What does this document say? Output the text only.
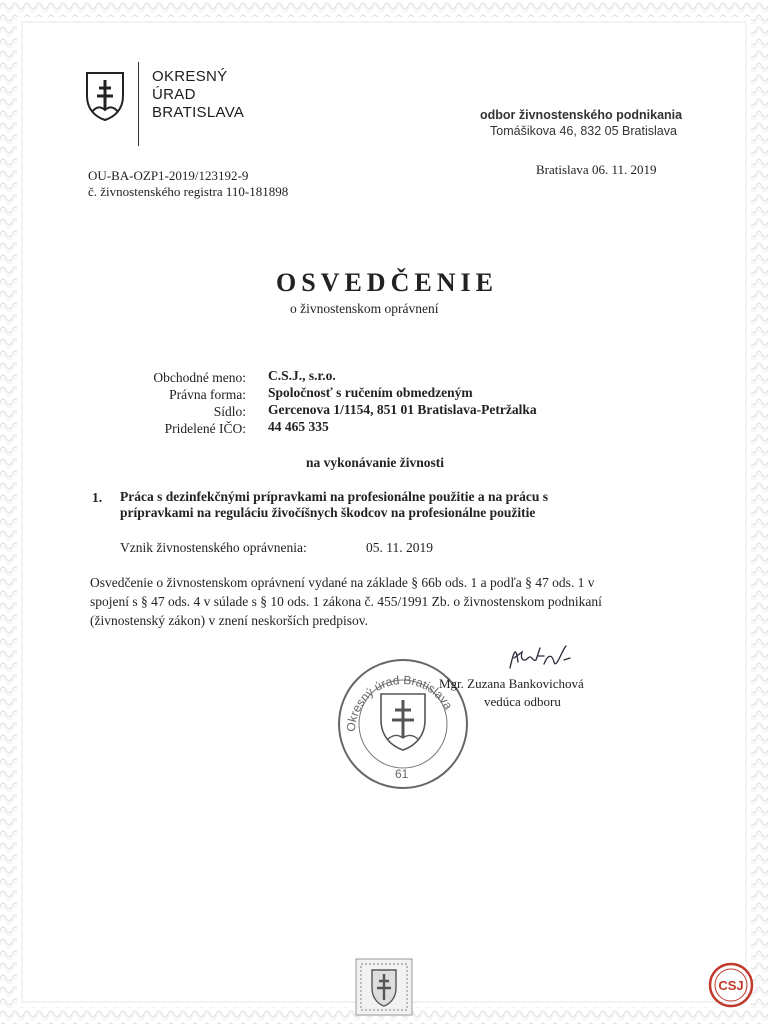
OKRESNÝ
ÚRAD
BRATISLAVA	odbor živnostenského podnikania
Tomášikova 46, 832 05 Bratislava
OU-BA-OZP1-2019/123192-9
č. živnostenského registra 110-181898
Bratislava 06. 11. 2019
OSVEDČENIE
o živnostenskom oprávnení
Obchodné meno: C.S.J., s.r.o.
Právna forma: Spoločnosť s ručením obmedzeným
Sídlo: Gercenova 1/1154, 851 01 Bratislava-Petržalka
Pridelené IČO: 44 465 335
na vykonávanie živnosti
1. Práca s dezinfekčnými prípravkami na profesionálne použitie a na prácu s
prípravkami na reguláciu živočíšnych škodcov na profesionálne použitie
Vznik živnostenského oprávnenia:	05. 11. 2019
Osvedčenie o živnostenskom oprávnení vydané na základe § 66b ods. 1 a podľa § 47 ods. 1 v
spojení s § 47 ods. 4 v súlade s § 10 ods. 1 zákona č. 455/1991 Zb. o živnostenskom podnikaní
(živnostenský zákon) v znení neskorších predpisov.
Okresný úrad Bratislava
61
Mgr. Zuzana Bankovichová
vedúca odboru
CSJ
